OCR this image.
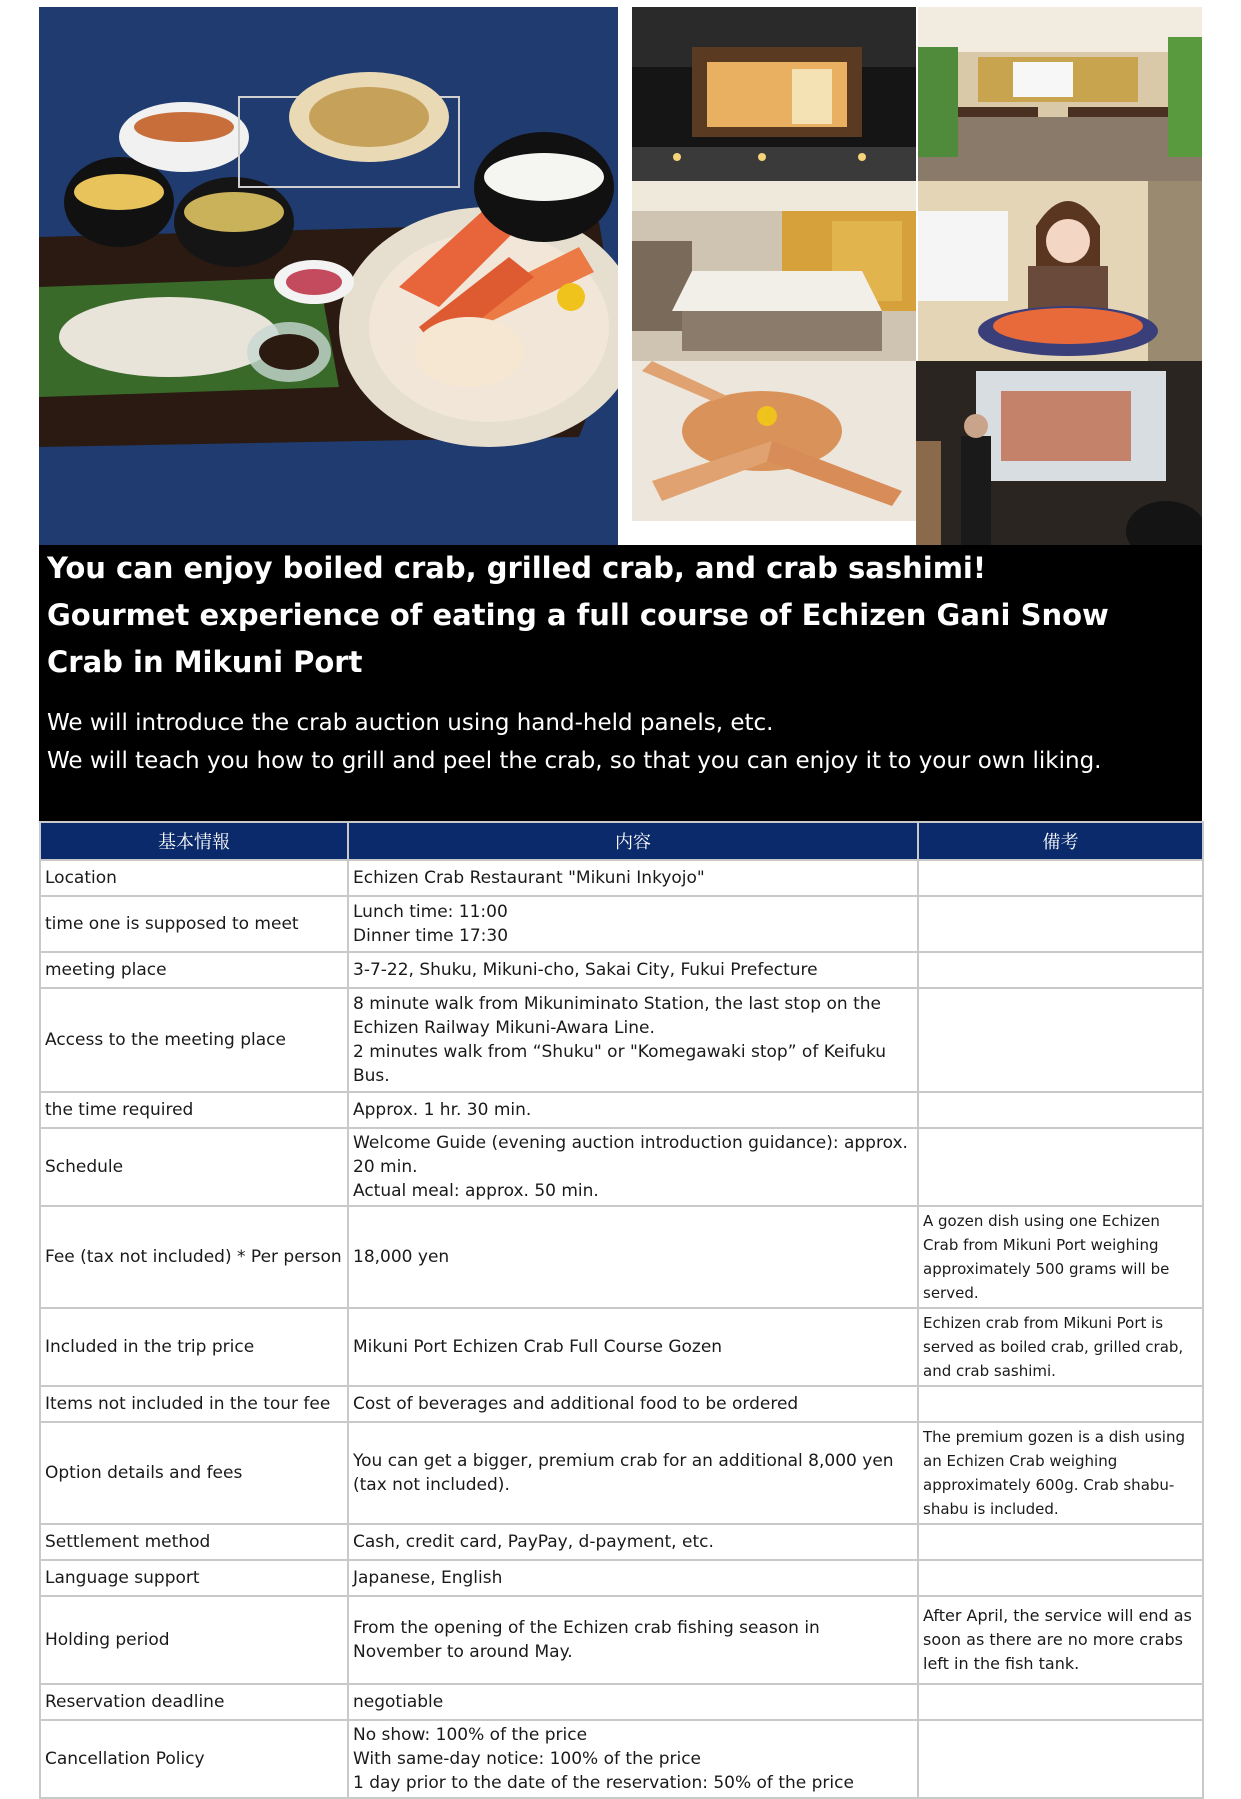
You can enjoy boiled crab, grilled crab, and crab sashimi!
Gourmet experience of eating a full course of Echizen Gani Snow Crab in Mikuni Port
We will introduce the crab auction using hand-held panels, etc.
We will teach you how to grill and peel the crab, so that you can enjoy it to your own liking.
基本情報	内容	備考
Location	Echizen Crab Restaurant "Mikuni Inkyojo"	

time one is supposed to meet	Lunch time: 11:00
Dinner time 17:30	

meeting place	3-7-22, Shuku, Mikuni-cho, Sakai City, Fukui Prefecture	

Access to the meeting place	8 minute walk from Mikuniminato Station, the last stop on the Echizen Railway Mikuni-Awara Line.
2 minutes walk from “Shuku" or "Komegawaki stop” of Keifuku Bus.	

the time required	Approx. 1 hr. 30 min.	

Schedule	Welcome Guide (evening auction introduction guidance): approx. 20 min.
Actual meal: approx. 50 min.	

Fee (tax not included) * Per person	18,000 yen	A gozen dish using one Echizen Crab from Mikuni Port weighing approximately 500 grams will be served.

Included in the trip price	Mikuni Port Echizen Crab Full Course Gozen	Echizen crab from Mikuni Port is served as boiled crab, grilled crab, and crab sashimi.

Items not included in the tour fee	Cost of beverages and additional food to be ordered	

Option details and fees	You can get a bigger, premium crab for an additional 8,000 yen (tax not included).	The premium gozen is a dish using an Echizen Crab weighing approximately 600g. Crab shabu-shabu is included.

Settlement method	Cash, credit card, PayPay, d-payment, etc.	

Language support	Japanese, English	

Holding period	From the opening of the Echizen crab fishing season in November to around May.	After April, the service will end as soon as there are no more crabs left in the fish tank.

Reservation deadline	negotiable	

Cancellation Policy	No show: 100% of the price
With same-day notice: 100% of the price
1 day prior to the date of the reservation: 50% of the price	
